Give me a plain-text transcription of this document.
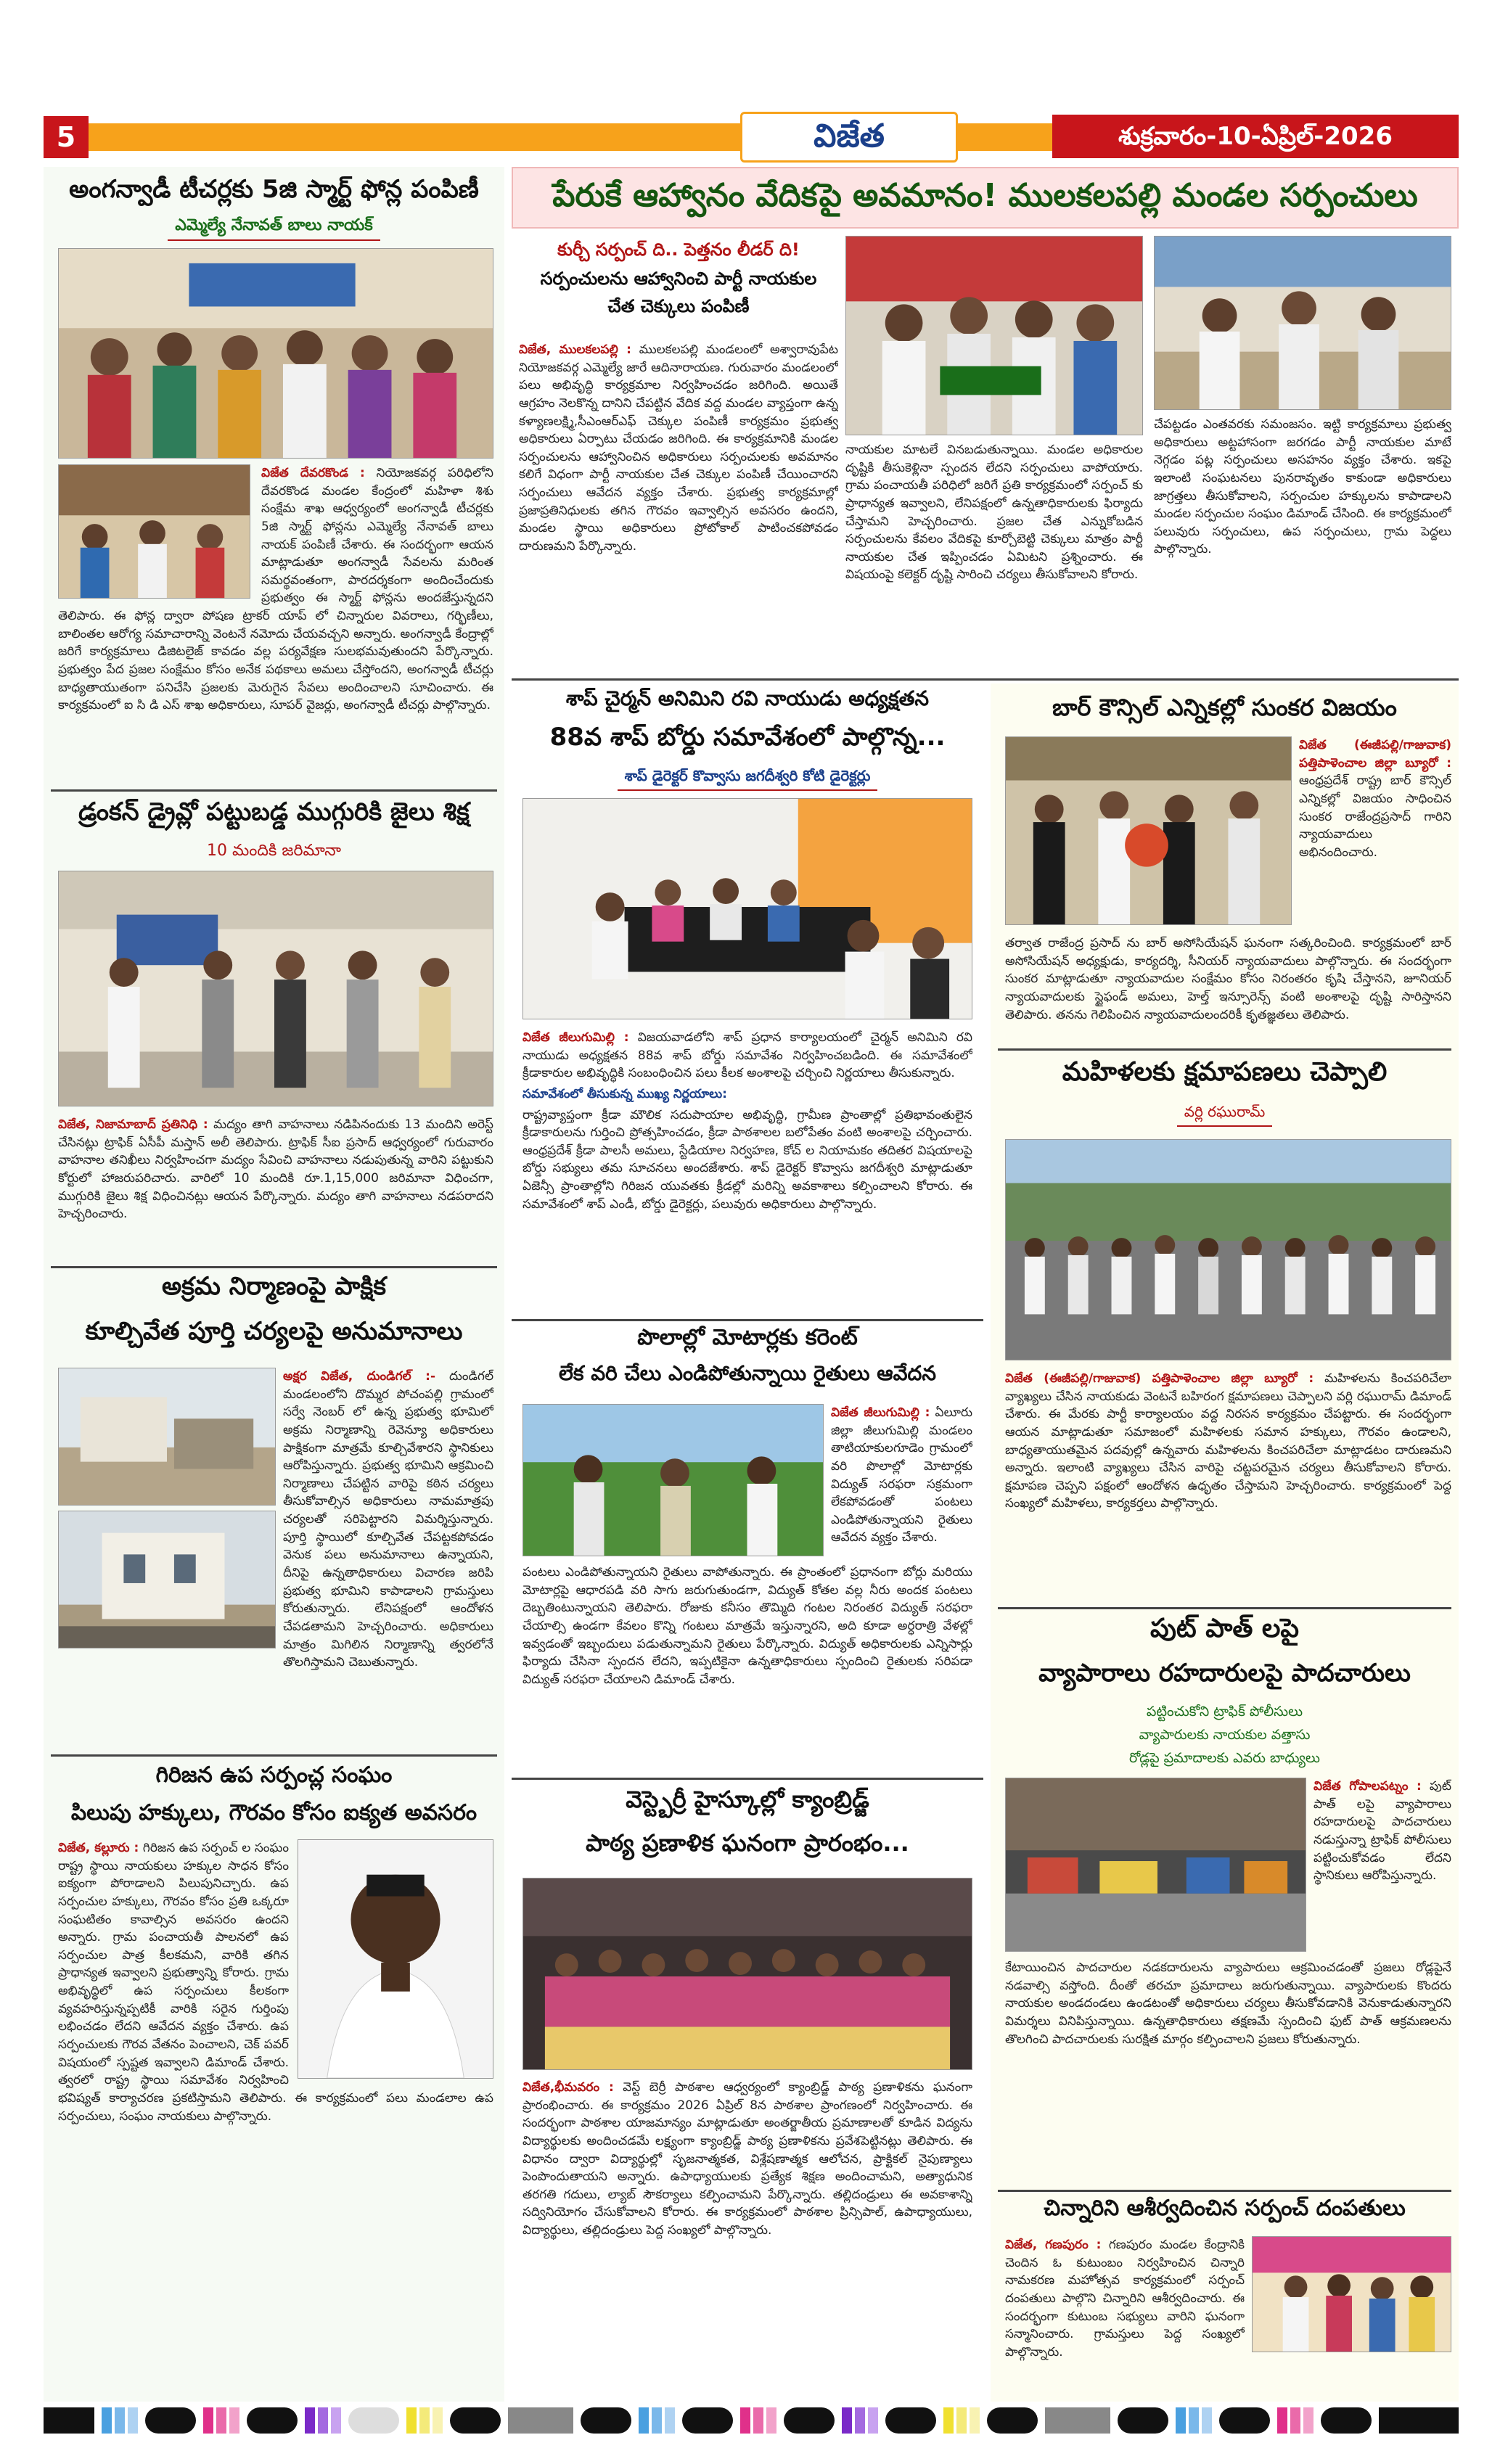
5	విజేత	శుక్రవారం-10-ఏప్రిల్-2026
అంగన్వాడీ టీచర్లకు 5జి స్మార్ట్ ఫోన్ల పంపిణీ
ఎమ్మెల్యే నేనావత్ బాలు నాయక్
విజేత దేవరకొండ : నియోజకవర్గ పరిధిలోని దేవరకొండ మండల కేంద్రంలో మహిళా శిశు సంక్షేమ శాఖ ఆధ్వర్యంలో అంగన్వాడీ టీచర్లకు 5జి స్మార్ట్ ఫోన్లను ఎమ్మెల్యే నేనావత్ బాలు నాయక్ పంపిణీ చేశారు. ఈ సందర్భంగా ఆయన మాట్లాడుతూ అంగన్వాడీ సేవలను మరింత సమర్థవంతంగా, పారదర్శకంగా అందించేందుకు ప్రభుత్వం ఈ స్మార్ట్ ఫోన్లను అందజేస్తున్నదని తెలిపారు. ఈ ఫోన్ల ద్వారా పోషణ ట్రాకర్ యాప్ లో చిన్నారుల వివరాలు, గర్భిణీలు, బాలింతల ఆరోగ్య సమాచారాన్ని వెంటనే నమోదు చేయవచ్చని అన్నారు. అంగన్వాడీ కేంద్రాల్లో జరిగే కార్యక్రమాలు డిజిటలైజ్ కావడం వల్ల పర్యవేక్షణ సులభమవుతుందని పేర్కొన్నారు. ప్రభుత్వం పేద ప్రజల సంక్షేమం కోసం అనేక పథకాలు అమలు చేస్తోందని, అంగన్వాడీ టీచర్లు బాధ్యతాయుతంగా పనిచేసి ప్రజలకు మెరుగైన సేవలు అందించాలని సూచించారు. ఈ కార్యక్రమంలో ఐ సి డి ఎస్ శాఖ అధికారులు, సూపర్ వైజర్లు, అంగన్వాడీ టీచర్లు పాల్గొన్నారు.
డ్రంకన్ డ్రైవ్లో పట్టుబడ్డ ముగ్గురికి జైలు శిక్ష
10 మందికి జరిమానా
విజేత, నిజామాబాద్ ప్రతినిధి : మద్యం తాగి వాహనాలు నడిపినందుకు 13 మందిని అరెస్ట్ చేసినట్లు ట్రాఫిక్ ఏసీపీ మస్తాన్ అలీ తెలిపారు. ట్రాఫిక్ సీఐ ప్రసాద్ ఆధ్వర్యంలో గురువారం వాహనాల తనిఖీలు నిర్వహించగా మద్యం సేవించి వాహనాలు నడుపుతున్న వారిని పట్టుకుని కోర్టులో హాజరుపరిచారు. వారిలో 10 మందికి రూ.1,15,000 జరిమానా విధించగా, ముగ్గురికి జైలు శిక్ష విధించినట్లు ఆయన పేర్కొన్నారు. మద్యం తాగి వాహనాలు నడపరాదని హెచ్చరించారు.
అక్రమ నిర్మాణంపై పాక్షిక
కూల్చివేత పూర్తి చర్యలపై అనుమానాలు
అక్షర విజేత, దుండిగల్ :- దుండిగల్ మండలంలోని దొమ్మర పోచంపల్లి గ్రామంలో సర్వే నెంబర్ లో ఉన్న ప్రభుత్వ భూమిలో అక్రమ నిర్మాణాన్ని రెవెన్యూ అధికారులు పాక్షికంగా మాత్రమే కూల్చివేశారని స్థానికులు ఆరోపిస్తున్నారు. ప్రభుత్వ భూమిని ఆక్రమించి నిర్మాణాలు చేపట్టిన వారిపై కఠిన చర్యలు తీసుకోవాల్సిన అధికారులు నామమాత్రపు చర్యలతో సరిపెట్టారని విమర్శిస్తున్నారు. పూర్తి స్థాయిలో కూల్చివేత చేపట్టకపోవడం వెనుక పలు అనుమానాలు ఉన్నాయని, దీనిపై ఉన్నతాధికారులు విచారణ జరిపి ప్రభుత్వ భూమిని కాపాడాలని గ్రామస్తులు కోరుతున్నారు. లేనిపక్షంలో ఆందోళన చేపడతామని హెచ్చరించారు. అధికారులు మాత్రం మిగిలిన నిర్మాణాన్ని త్వరలోనే తొలగిస్తామని చెబుతున్నారు.
గిరిజన ఉప సర్పంచ్ల సంఘం
పిలుపు హక్కులు, గౌరవం కోసం ఐక్యత అవసరం
విజేత, కల్లూరు : గిరిజన ఉప సర్పంచ్ ల సంఘం రాష్ట్ర స్థాయి నాయకులు హక్కుల సాధన కోసం ఐక్యంగా పోరాడాలని పిలుపునిచ్చారు. ఉప సర్పంచుల హక్కులు, గౌరవం కోసం ప్రతి ఒక్కరూ సంఘటితం కావాల్సిన అవసరం ఉందని అన్నారు. గ్రామ పంచాయతీ పాలనలో ఉప సర్పంచుల పాత్ర కీలకమని, వారికి తగిన ప్రాధాన్యత ఇవ్వాలని ప్రభుత్వాన్ని కోరారు. గ్రామ అభివృద్ధిలో ఉప సర్పంచులు కీలకంగా వ్యవహరిస్తున్నప్పటికీ వారికి సరైన గుర్తింపు లభించడం లేదని ఆవేదన వ్యక్తం చేశారు. ఉప సర్పంచులకు గౌరవ వేతనం పెంచాలని, చెక్ పవర్ విషయంలో స్పష్టత ఇవ్వాలని డిమాండ్ చేశారు. త్వరలో రాష్ట్ర స్థాయి సమావేశం నిర్వహించి భవిష్యత్ కార్యాచరణ ప్రకటిస్తామని తెలిపారు. ఈ కార్యక్రమంలో పలు మండలాల ఉప సర్పంచులు, సంఘం నాయకులు పాల్గొన్నారు.
పేరుకే ఆహ్వానం వేదికపై అవమానం! ములకలపల్లి మండల సర్పంచులు
కుర్చీ సర్పంచ్ ది.. పెత్తనం లీడర్ ది!
సర్పంచులను ఆహ్వానించి పార్టీ నాయకుల
చేత చెక్కులు పంపిణీ
విజేత, ములకలపల్లి : ములకలపల్లి మండలంలో అశ్వారావుపేట నియోజకవర్గ ఎమ్మెల్యే జారే ఆదినారాయణ. గురువారం మండలంలో పలు అభివృద్ధి కార్యక్రమాల నిర్వహించడం జరిగింది. అయితే ఆగ్రహం నెలకొన్న దానిని చేపట్టిన వేదిక వద్ద మండల వ్యాప్తంగా ఉన్న కళ్యాణలక్ష్మి,సీఎంఆర్ఎఫ్ చెక్కుల పంపిణీ కార్యక్రమం ప్రభుత్వ అధికారులు ఏర్పాటు చేయడం జరిగింది. ఈ కార్యక్రమానికి మండల సర్పంచులను ఆహ్వానించిన అధికారులు సర్పంచులకు అవమానం కలిగే విధంగా పార్టీ నాయకుల చేత చెక్కుల పంపిణీ చేయించారని సర్పంచులు ఆవేదన వ్యక్తం చేశారు. ప్రభుత్వ కార్యక్రమాల్లో ప్రజాప్రతినిధులకు తగిన గౌరవం ఇవ్వాల్సిన అవసరం ఉందని, మండల స్థాయి అధికారులు ప్రోటోకాల్ పాటించకపోవడం దారుణమని పేర్కొన్నారు.
నాయకుల మాటలే వినబడుతున్నాయి. మండల అధికారుల దృష్టికి తీసుకెళ్లినా స్పందన లేదని సర్పంచులు వాపోయారు. గ్రామ పంచాయతీ పరిధిలో జరిగే ప్రతి కార్యక్రమంలో సర్పంచ్ కు ప్రాధాన్యత ఇవ్వాలని, లేనిపక్షంలో ఉన్నతాధికారులకు ఫిర్యాదు చేస్తామని హెచ్చరించారు. ప్రజల చేత ఎన్నుకోబడిన సర్పంచులను కేవలం వేదికపై కూర్చోబెట్టి చెక్కులు మాత్రం పార్టీ నాయకుల చేత ఇప్పించడం ఏమిటని ప్రశ్నించారు. ఈ విషయంపై కలెక్టర్ దృష్టి సారించి చర్యలు తీసుకోవాలని కోరారు.
చేపట్టడం ఎంతవరకు సమంజసం. ఇట్టి కార్యక్రమాలు ప్రభుత్వ అధికారులు అట్టహాసంగా జరగడం పార్టీ నాయకుల మాటే నెగ్గడం పట్ల సర్పంచులు అసహనం వ్యక్తం చేశారు. ఇకపై ఇలాంటి సంఘటనలు పునరావృతం కాకుండా అధికారులు జాగ్రత్తలు తీసుకోవాలని, సర్పంచుల హక్కులను కాపాడాలని మండల సర్పంచుల సంఘం డిమాండ్ చేసింది. ఈ కార్యక్రమంలో పలువురు సర్పంచులు, ఉప సర్పంచులు, గ్రామ పెద్దలు పాల్గొన్నారు.
శాప్ చైర్మన్ అనిమిని రవి నాయుడు అధ్యక్షతన
88వ శాప్ బోర్డు సమావేశంలో పాల్గొన్న...
శాప్ డైరెక్టర్ కొవ్వాసు జగదీశ్వరి కోటి డైరెక్టర్లు
విజేత జీలుగుమిల్లి : విజయవాడలోని శాప్ ప్రధాన కార్యాలయంలో చైర్మన్ అనిమిని రవి నాయుడు అధ్యక్షతన 88వ శాప్ బోర్డు సమావేశం నిర్వహించబడింది. ఈ సమావేశంలో క్రీడాకారుల అభివృద్ధికి సంబంధించిన పలు కీలక అంశాలపై చర్చించి నిర్ణయాలు తీసుకున్నారు.
సమావేశంలో తీసుకున్న ముఖ్య నిర్ణయాలు:
రాష్ట్రవ్యాప్తంగా క్రీడా మౌలిక సదుపాయాల అభివృద్ధి, గ్రామీణ ప్రాంతాల్లో ప్రతిభావంతులైన క్రీడాకారులను గుర్తించి ప్రోత్సహించడం, క్రీడా పాఠశాలల బలోపేతం వంటి అంశాలపై చర్చించారు. ఆంధ్రప్రదేశ్ క్రీడా పాలసీ అమలు, స్టేడియాల నిర్వహణ, కోచ్ ల నియామకం తదితర విషయాలపై బోర్డు సభ్యులు తమ సూచనలు అందజేశారు. శాప్ డైరెక్టర్ కొవ్వాసు జగదీశ్వరి మాట్లాడుతూ ఏజెన్సీ ప్రాంతాల్లోని గిరిజన యువతకు క్రీడల్లో మరిన్ని అవకాశాలు కల్పించాలని కోరారు. ఈ సమావేశంలో శాప్ ఎండీ, బోర్డు డైరెక్టర్లు, పలువురు అధికారులు పాల్గొన్నారు.
పొలాల్లో మోటార్లకు కరెంట్
లేక వరి చేలు ఎండిపోతున్నాయి రైతులు ఆవేదన
విజేత జీలుగుమిల్లి : ఏలూరు జిల్లా జీలుగుమిల్లి మండలం తాటియాకులగూడెం గ్రామంలో వరి పొలాల్లో మోటార్లకు విద్యుత్ సరఫరా సక్రమంగా లేకపోవడంతో పంటలు ఎండిపోతున్నాయని రైతులు ఆవేదన వ్యక్తం చేశారు.
పంటలు ఎండిపోతున్నాయని రైతులు వాపోతున్నారు. ఈ ప్రాంతంలో ప్రధానంగా బోర్లు మరియు మోటార్లపై ఆధారపడి వరి సాగు జరుగుతుండగా, విద్యుత్ కోతల వల్ల నీరు అందక పంటలు దెబ్బతింటున్నాయని తెలిపారు. రోజుకు కనీసం తొమ్మిది గంటల నిరంతర విద్యుత్ సరఫరా చేయాల్సి ఉండగా కేవలం కొన్ని గంటలు మాత్రమే ఇస్తున్నారని, అది కూడా అర్ధరాత్రి వేళల్లో ఇవ్వడంతో ఇబ్బందులు పడుతున్నామని రైతులు పేర్కొన్నారు. విద్యుత్ అధికారులకు ఎన్నిసార్లు ఫిర్యాదు చేసినా స్పందన లేదని, ఇప్పటికైనా ఉన్నతాధికారులు స్పందించి రైతులకు సరిపడా విద్యుత్ సరఫరా చేయాలని డిమాండ్ చేశారు.
వెస్ట్బెర్రీ హైస్కూల్లో క్యాంబ్రిడ్జ్
పాఠ్య ప్రణాళిక ఘనంగా ప్రారంభం...
విజేత,భీమవరం : వెస్ట్ బెర్రీ పాఠశాల ఆధ్వర్యంలో క్యాంబ్రిడ్జ్ పాఠ్య ప్రణాళికను ఘనంగా ప్రారంభించారు. ఈ కార్యక్రమం 2026 ఏప్రిల్ 8న పాఠశాల ప్రాంగణంలో నిర్వహించారు. ఈ సందర్భంగా పాఠశాల యాజమాన్యం మాట్లాడుతూ అంతర్జాతీయ ప్రమాణాలతో కూడిన విద్యను విద్యార్థులకు అందించడమే లక్ష్యంగా క్యాంబ్రిడ్జ్ పాఠ్య ప్రణాళికను ప్రవేశపెట్టినట్లు తెలిపారు. ఈ విధానం ద్వారా విద్యార్థుల్లో సృజనాత్మకత, విశ్లేషణాత్మక ఆలోచన, ప్రాక్టికల్ నైపుణ్యాలు పెంపొందుతాయని అన్నారు. ఉపాధ్యాయులకు ప్రత్యేక శిక్షణ అందించామని, అత్యాధునిక తరగతి గదులు, ల్యాబ్ సౌకర్యాలు కల్పించామని పేర్కొన్నారు. తల్లిదండ్రులు ఈ అవకాశాన్ని సద్వినియోగం చేసుకోవాలని కోరారు. ఈ కార్యక్రమంలో పాఠశాల ప్రిన్సిపాల్, ఉపాధ్యాయులు, విద్యార్థులు, తల్లిదండ్రులు పెద్ద సంఖ్యలో పాల్గొన్నారు.
బార్ కౌన్సిల్ ఎన్నికల్లో సుంకర విజయం
విజేత (ఈజీపల్లి/గాజువాక) పత్తిపాళెంచాల జిల్లా బ్యూరో : ఆంధ్రప్రదేశ్ రాష్ట్ర బార్ కౌన్సిల్ ఎన్నికల్లో విజయం సాధించిన సుంకర రాజేంద్రప్రసాద్ గారిని న్యాయవాదులు అభినందించారు.
తర్వాత రాజేంద్ర ప్రసాద్ ను బార్ అసోసియేషన్ ఘనంగా సత్కరించింది. కార్యక్రమంలో బార్ అసోసియేషన్ అధ్యక్షుడు, కార్యదర్శి, సీనియర్ న్యాయవాదులు పాల్గొన్నారు. ఈ సందర్భంగా సుంకర మాట్లాడుతూ న్యాయవాదుల సంక్షేమం కోసం నిరంతరం కృషి చేస్తానని, జూనియర్ న్యాయవాదులకు స్టైఫండ్ అమలు, హెల్త్ ఇన్సూరెన్స్ వంటి అంశాలపై దృష్టి సారిస్తానని తెలిపారు. తనను గెలిపించిన న్యాయవాదులందరికీ కృతజ్ఞతలు తెలిపారు.
మహిళలకు క్షమాపణలు చెప్పాలి
వర్లి రఘురామ్
విజేత (ఈజీపల్లి/గాజువాక) పత్తిపాళెంచాల జిల్లా బ్యూరో : మహిళలను కించపరిచేలా వ్యాఖ్యలు చేసిన నాయకుడు వెంటనే బహిరంగ క్షమాపణలు చెప్పాలని వర్లి రఘురామ్ డిమాండ్ చేశారు. ఈ మేరకు పార్టీ కార్యాలయం వద్ద నిరసన కార్యక్రమం చేపట్టారు. ఈ సందర్భంగా ఆయన మాట్లాడుతూ సమాజంలో మహిళలకు సమాన హక్కులు, గౌరవం ఉండాలని, బాధ్యతాయుతమైన పదవుల్లో ఉన్నవారు మహిళలను కించపరిచేలా మాట్లాడటం దారుణమని అన్నారు. ఇలాంటి వ్యాఖ్యలు చేసిన వారిపై చట్టపరమైన చర్యలు తీసుకోవాలని కోరారు. క్షమాపణ చెప్పని పక్షంలో ఆందోళన ఉధృతం చేస్తామని హెచ్చరించారు. కార్యక్రమంలో పెద్ద సంఖ్యలో మహిళలు, కార్యకర్తలు పాల్గొన్నారు.
పుట్ పాత్ లపై
వ్యాపారాలు రహదారులపై పాదచారులు
పట్టించుకోని ట్రాఫిక్ పోలీసులు
వ్యాపారులకు నాయకుల వత్తాసు
రోడ్లపై ప్రమాదాలకు ఎవరు బాధ్యులు
విజేత గోపాలపట్నం : పుట్ పాత్ లపై వ్యాపారాలు రహదారులపై పాదచారులు నడుస్తున్నా ట్రాఫిక్ పోలీసులు పట్టించుకోవడం లేదని స్థానికులు ఆరోపిస్తున్నారు.
కేటాయించిన పాదచారుల నడకదారులను వ్యాపారులు ఆక్రమించడంతో ప్రజలు రోడ్లపైనే నడవాల్సి వస్తోంది. దీంతో తరచూ ప్రమాదాలు జరుగుతున్నాయి. వ్యాపారులకు కొందరు నాయకుల అండదండలు ఉండటంతో అధికారులు చర్యలు తీసుకోవడానికి వెనుకాడుతున్నారని విమర్శలు వినిపిస్తున్నాయి. ఉన్నతాధికారులు తక్షణమే స్పందించి ఫుట్ పాత్ ఆక్రమణలను తొలగించి పాదచారులకు సురక్షిత మార్గం కల్పించాలని ప్రజలు కోరుతున్నారు.
చిన్నారిని ఆశీర్వదించిన సర్పంచ్ దంపతులు
విజేత, గణపురం : గణపురం మండల కేంద్రానికి చెందిన ఓ కుటుంబం నిర్వహించిన చిన్నారి నామకరణ మహోత్సవ కార్యక్రమంలో సర్పంచ్ దంపతులు పాల్గొని చిన్నారిని ఆశీర్వదించారు. ఈ సందర్భంగా కుటుంబ సభ్యులు వారిని ఘనంగా సన్మానించారు. గ్రామస్తులు పెద్ద సంఖ్యలో పాల్గొన్నారు.
